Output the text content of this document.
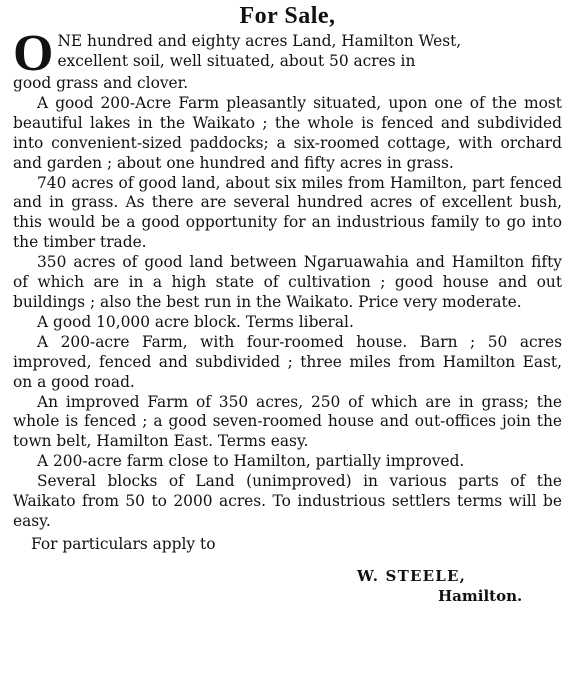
For Sale,
O NE hundred and eighty acres Land, Hamilton West,
excellent soil, well situated, about 50 acres in
good grass and clover.

A good 200-Acre Farm pleasantly situated, upon one of the most beautiful lakes in the Waikato ; the whole is fenced and subdivided into convenient-sized paddocks; a six-roomed cottage, with orchard and garden ; about one hundred and fifty acres in grass.

740 acres of good land, about six miles from Hamilton, part fenced and in grass. As there are several hundred acres of excellent bush, this would be a good opportunity for an industrious family to go into the timber trade.

350 acres of good land between Ngaruawahia and Hamilton fifty of which are in a high state of cultivation ; good house and out buildings ; also the best run in the Waikato. Price very moderate.

A good 10,000 acre block. Terms liberal.

A 200-acre Farm, with four-roomed house. Barn ; 50 acres improved, fenced and subdivided ; three miles from Hamilton East, on a good road.

An improved Farm of 350 acres, 250 of which are in grass; the whole is fenced ; a good seven-roomed house and out-offices join the town belt, Hamilton East. Terms easy.

A 200-acre farm close to Hamilton, partially improved.

Several blocks of Land (unimproved) in various parts of the Waikato from 50 to 2000 acres. To industrious settlers terms will be easy.

For particulars apply to

W. STEELE,

Hamilton.
